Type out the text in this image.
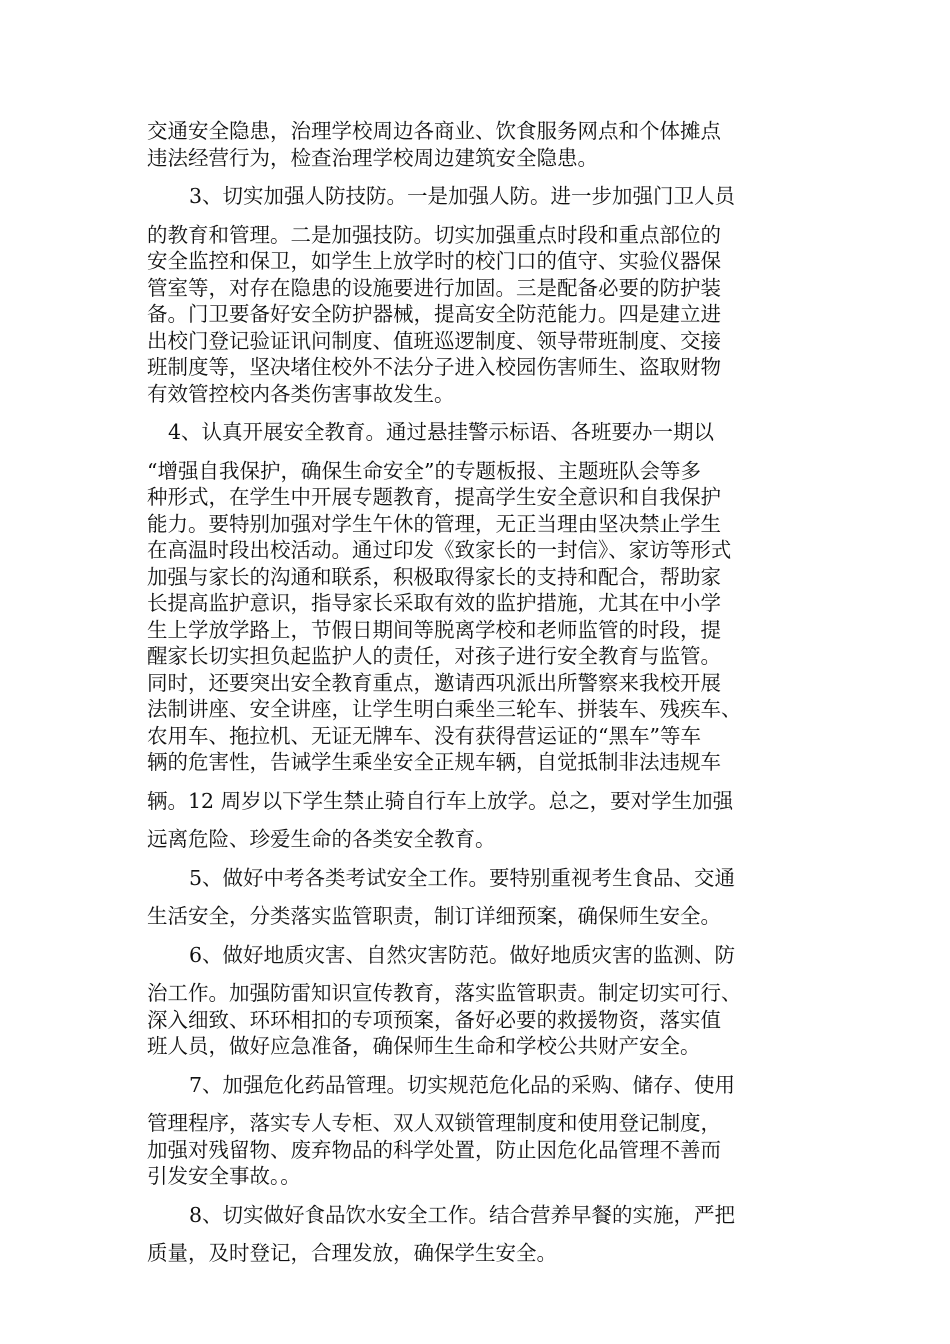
交通安全隐患，治理学校周边各商业、饮食服务网点和个体摊点
违法经营行为，检查治理学校周边建筑安全隐患。

3、切实加强人防技防。一是加强人防。进一步加强门卫人员
的教育和管理。二是加强技防。切实加强重点时段和重点部位的
安全监控和保卫，如学生上放学时的校门口的值守、实验仪器保
管室等，对存在隐患的设施要进行加固。三是配备必要的防护装
备。门卫要备好安全防护器械，提高安全防范能力。四是建立进
出校门登记验证讯问制度、值班巡逻制度、领导带班制度、交接
班制度等，坚决堵住校外不法分子进入校园伤害师生、盗取财物
有效管控校内各类伤害事故发生。

4、认真开展安全教育。通过悬挂警示标语、各班要办一期以
“增强自我保护，确保生命安全”的专题板报、主题班队会等多
种形式，在学生中开展专题教育，提高学生安全意识和自我保护
能力。要特别加强对学生午休的管理，无正当理由坚决禁止学生
在高温时段出校活动。通过印发《致家长的一封信》、家访等形式
加强与家长的沟通和联系，积极取得家长的支持和配合，帮助家
长提高监护意识，指导家长采取有效的监护措施，尤其在中小学
生上学放学路上，节假日期间等脱离学校和老师监管的时段，提
醒家长切实担负起监护人的责任，对孩子进行安全教育与监管。
同时，还要突出安全教育重点，邀请西巩派出所警察来我校开展
法制讲座、安全讲座，让学生明白乘坐三轮车、拼装车、残疾车、
农用车、拖拉机、无证无牌车、没有获得营运证的“黑车”等车
辆的危害性，告诫学生乘坐安全正规车辆，自觉抵制非法违规车
辆。12 周岁以下学生禁止骑自行车上放学。总之，要对学生加强
远离危险、珍爱生命的各类安全教育。

5、做好中考各类考试安全工作。要特别重视考生食品、交通
生活安全，分类落实监管职责，制订详细预案，确保师生安全。

6、做好地质灾害、自然灾害防范。做好地质灾害的监测、防
治工作。加强防雷知识宣传教育，落实监管职责。制定切实可行、
深入细致、环环相扣的专项预案，备好必要的救援物资，落实值
班人员，做好应急准备，确保师生生命和学校公共财产安全。

7、加强危化药品管理。切实规范危化品的采购、储存、使用
管理程序，落实专人专柜、双人双锁管理制度和使用登记制度，
加强对残留物、废弃物品的科学处置，防止因危化品管理不善而
引发安全事故。。

8、切实做好食品饮水安全工作。结合营养早餐的实施，严把
质量，及时登记，合理发放，确保学生安全。
